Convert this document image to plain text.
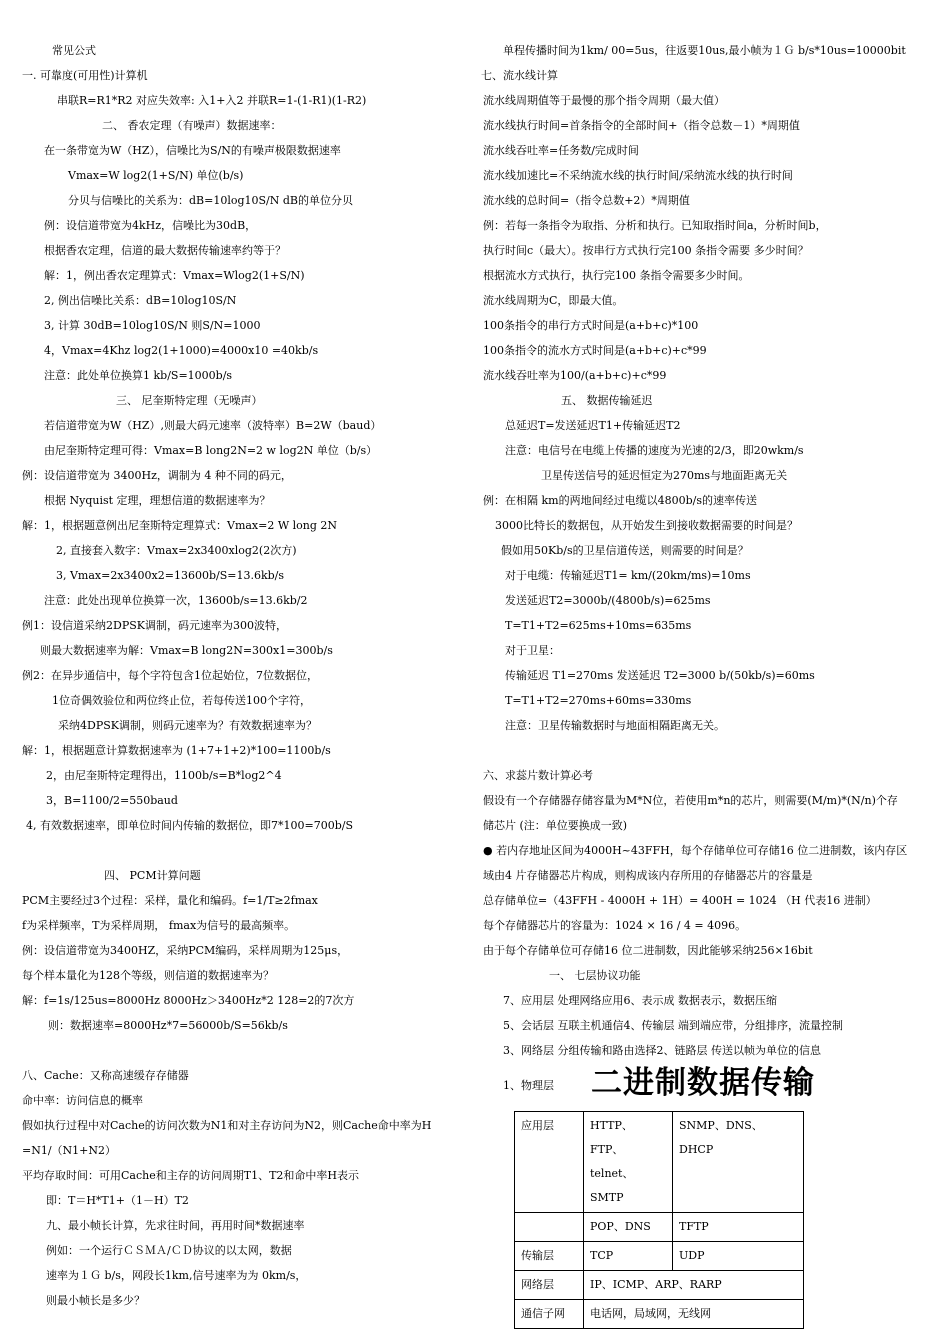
常见公式
一. 可靠度(可用性)计算机
串联R=R1*R2 对应失效率: 入1+入2 并联R=1-(1-R1)(1-R2)
二、 香农定理（有噪声）数据速率：
在一条带宽为W（HZ），信噪比为S/N的有噪声极限数据速率
Vmax=W log2(1+S/N) 单位(b/s)
分贝与信噪比的关系为：dB=10log10S/N dB的单位分贝
例：设信道带宽为4kHz，信噪比为30dB，
根据香农定理，信道的最大数据传输速率约等于？
解：1，例出香农定理算式：Vmax=Wlog2(1+S/N)
2, 例出信噪比关系：dB=10log10S/N
3, 计算 30dB=10log10S/N 则S/N=1000
4，Vmax=4Khz log2(1+1000)=4000x10 =40kb/s
注意：此处单位换算1 kb/S=1000b/s
三、 尼奎斯特定理（无噪声）
若信道带宽为W（HZ）,则最大码元速率（波特率）B=2W（baud）
由尼奎斯特定理可得：Vmax=B long2N=2 w log2N 单位（b/s）
例：设信道带宽为 3400Hz，调制为 4 种不同的码元，
根据 Nyquist 定理，理想信道的数据速率为？
解：1，根据题意例出尼奎斯特定理算式：Vmax=2 W long 2N
2, 直接套入数字：Vmax=2x3400xlog2(2次方)
3, Vmax=2x3400x2=13600b/S=13.6kb/s
注意：此处出现单位换算一次，13600b/s=13.6kb/2
例1：设信道采纳2DPSK调制，码元速率为300波特，
则最大数据速率为解：Vmax=B long2N=300x1=300b/s
例2：在异步通信中，每个字符包含1位起始位，7位数据位，
1位奇偶效验位和两位终止位，若每传送100个字符，
采纳4DPSK调制，则码元速率为？有效数据速率为？
解：1，根据题意计算数据速率为 (1+7+1+2)*100=1100b/s
2，由尼奎斯特定理得出，1100b/s=B*log2^4
3，B=1100/2=550baud
4, 有效数据速率，即单位时间内传输的数据位，即7*100=700b/S
四、 PCM计算问题
PCM主要经过3个过程：采样，量化和编码。f=1/T≥2fmax
f为采样频率，T为采样周期， fmax为信号的最高频率。
例：设信道带宽为3400HZ，采纳PCM编码，采样周期为125μs，
每个样本量化为128个等级，则信道的数据速率为？
解：f=1s/125us=8000Hz 8000Hz＞3400Hz*2 128=2的7次方
则：数据速率=8000Hz*7=56000b/S=56kb/s
八、Cache：又称高速缓存存储器
命中率：访问信息的概率
假如执行过程中对Cache的访问次数为N1和对主存访问为N2，则Cache命中率为H
=N1/（N1+N2）
平均存取时间：可用Cache和主存的访问周期T1、T2和命中率H表示
即：T＝H*T1+（1－H）T2
九、最小帧长计算，先求往时间，再用时间*数据速率
例如：一个运行ＣＳＭＡ/ＣＤ协议的以太网，数据
速率为１Ｇ b/s，网段长1km,信号速率为为 0km/s，
则最小帧长是多少？
单程传播时间为1km/ 00=5us，往返要10us,最小帧为１Ｇ b/s*10us=10000bit
七、流水线计算
流水线周期值等于最慢的那个指令周期（最大值）
流水线执行时间=首条指令的全部时间+（指令总数－1）*周期值
流水线吞吐率=任务数/完成时间
流水线加速比=不采纳流水线的执行时间/采纳流水线的执行时间
流水线的总时间=（指令总数+2）*周期值
例：若每一条指令为取指、分析和执行。已知取指时间a，分析时间b，
执行时间c（最大）。按串行方式执行完100 条指令需要 多少时间？
根据流水方式执行，执行完100 条指令需要多少时间。
流水线周期为C，即最大值。
100条指令的串行方式时间是(a+b+c)*100
100条指令的流水方式时间是(a+b+c)+c*99
流水线吞吐率为100/(a+b+c)+c*99
五、 数据传输延迟
总延迟T=发送延迟T1+传输延迟T2
注意：电信号在电缆上传播的速度为光速的2/3，即20wkm/s
卫星传送信号的延迟恒定为270ms与地面距离无关
例：在相隔 km的两地间经过电缆以4800b/s的速率传送
3000比特长的数据包，从开始发生到接收数据需要的时间是？
假如用50Kb/s的卫星信道传送，则需要的时间是？
对于电缆：传输延迟T1= km/(20km/ms)=10ms
发送延迟T2=3000b/(4800b/s)=625ms
T=T1+T2=625ms+10ms=635ms
对于卫星：
传输延迟 T1=270ms 发送延迟 T2=3000 b/(50kb/s)=60ms
T=T1+T2=270ms+60ms=330ms
注意：卫星传输数据时与地面相隔距离无关。
六、求蕊片数计算必考
假设有一个存储器存储容量为M*N位，若使用m*n的芯片，则需要(M/m)*(N/n)个存
储芯片 (注：单位要换成一致)
● 若内存地址区间为4000H~43FFH，每个存储单位可存储16 位二进制数，该内存区
域由4 片存储器芯片构成，则构成该内存所用的存储器芯片的容量是
总存储单位=（43FFH - 4000H + 1H）= 400H = 1024 （H 代表16 进制）
每个存储器芯片的容量为：1024 × 16 / 4 = 4096。
由于每个存储单位可存储16 位二进制数，因此能够采纳256×16bit
一、 七层协议功能
7、应用层 处理网络应用6、表示成 数据表示，数据压缩
5、会话层 互联主机通信4、传输层 端到端应带，分组排序，流量控制
3、网络层 分组传输和路由选择2、链路层 传送以帧为单位的信息
1、物理层 二进制数据传输
应用层	HTTP、FTP、telnet、SMTP	SNMP、DNS、DHCP
	POP、DNS	TFTP
传输层	TCP	UDP
网络层	IP、ICMP、ARP、RARP	
通信子网	电话网，局域网，无线网	
